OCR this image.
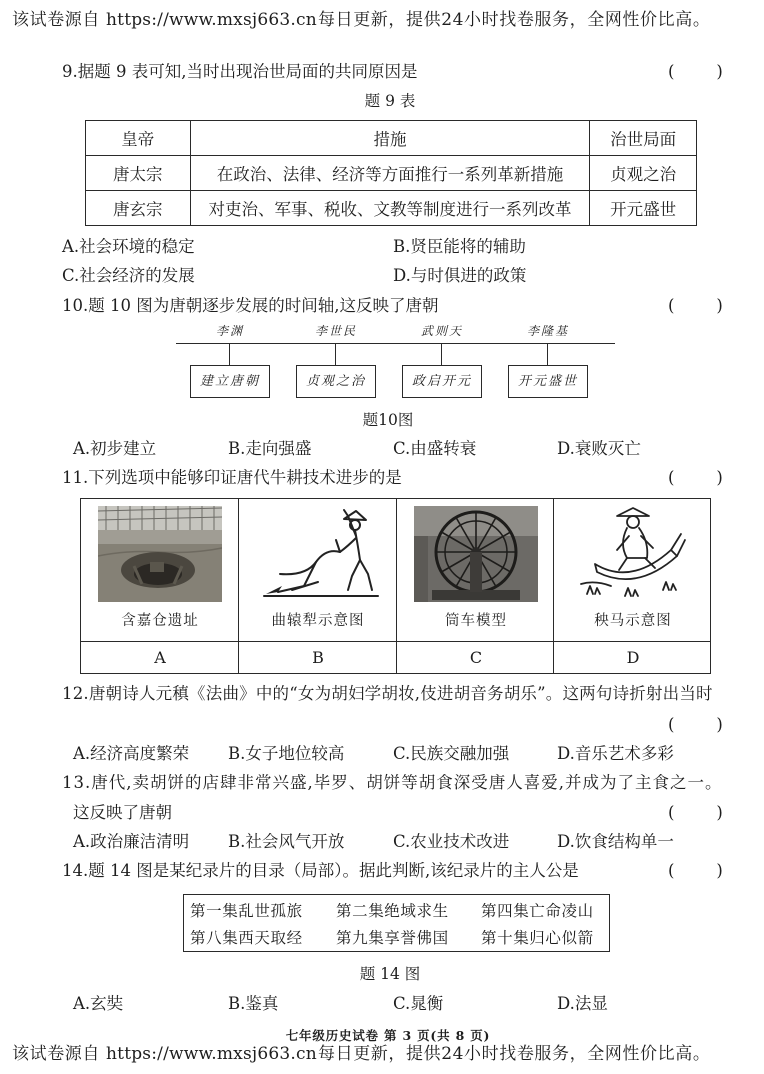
该试卷源自 https://www.mxsj663.cn 每日更新，提供24小时找卷服务，全网性价比高。
9.据题 9 表可知,当时出现治世局面的共同原因是	(        )
题 9 表
皇帝	措施	治世局面
唐太宗	在政治、法律、经济等方面推行一系列革新措施	贞观之治
唐玄宗	对吏治、军事、税收、文教等制度进行一系列改革	开元盛世
A.社会环境的稳定	B.贤臣能将的辅助
C.社会经济的发展	D.与时俱进的政策
10.题 10 图为唐朝逐步发展的时间轴,这反映了唐朝	(        )
李渊	李世民	武则天	李隆基
建立唐朝	贞观之治	政启开元	开元盛世
题10图
A.初步建立	B.走向强盛	C.由盛转衰	D.衰败灭亡
11.下列选项中能够印证唐代牛耕技术进步的是	(        )
含嘉仓遗址	曲辕犁示意图	筒车模型	秧马示意图
A	B	C	D
12.唐朝诗人元稹《法曲》中的“女为胡妇学胡妆,伎进胡音务胡乐”。这两句诗折射出当时
(        )
A.经济高度繁荣 B.女子地位较高	C.民族交融加强	D.音乐艺术多彩
13.唐代,卖胡饼的店肆非常兴盛,毕罗、胡饼等胡食深受唐人喜爱,并成为了主食之一。
这反映了唐朝	(        )
A.政治廉洁清明 B.社会风气开放	C.农业技术改进	D.饮食结构单一
14.题 14 图是某纪录片的目录（局部）。据此判断,该纪录片的主人公是	(        )
第一集乱世孤旅 第二集绝域求生 第四集亡命凌山
第八集西天取经 第九集享誉佛国 第十集归心似箭
题 14 图
A.玄奘	B.鉴真	C.晁衡	D.法显
七年级历史试卷 第 3 页(共 8 页)
该试卷源自 https://www.mxsj663.cn 每日更新，提供24小时找卷服务，全网性价比高。
